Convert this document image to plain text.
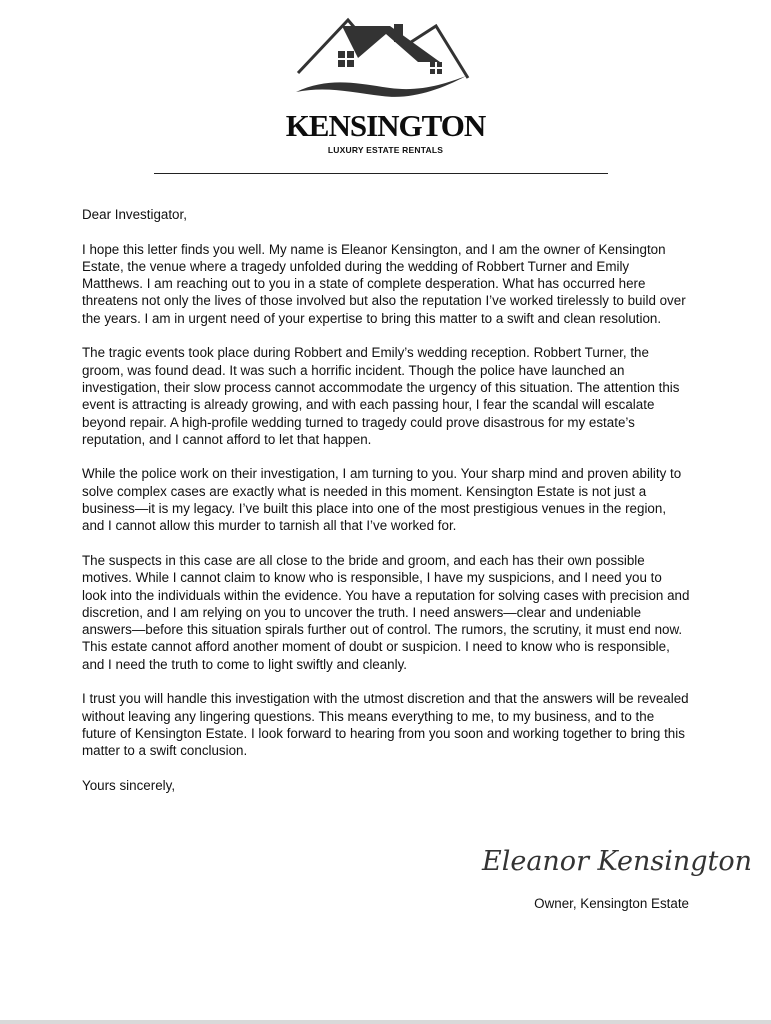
KENSINGTON
LUXURY ESTATE RENTALS

Dear Investigator,

I hope this letter finds you well. My name is Eleanor Kensington, and I am the owner of Kensington Estate, the venue where a tragedy unfolded during the wedding of Robbert Turner and Emily Matthews. I am reaching out to you in a state of complete desperation. What has occurred here threatens not only the lives of those involved but also the reputation I’ve worked tirelessly to build over the years. I am in urgent need of your expertise to bring this matter to a swift and clean resolution.

The tragic events took place during Robbert and Emily’s wedding reception. Robbert Turner, the groom, was found dead. It was such a horrific incident. Though the police have launched an investigation, their slow process cannot accommodate the urgency of this situation. The attention this event is attracting is already growing, and with each passing hour, I fear the scandal will escalate beyond repair. A high-profile wedding turned to tragedy could prove disastrous for my estate’s reputation, and I cannot afford to let that happen.

While the police work on their investigation, I am turning to you. Your sharp mind and proven ability to solve complex cases are exactly what is needed in this moment. Kensington Estate is not just a business—it is my legacy. I’ve built this place into one of the most prestigious venues in the region, and I cannot allow this murder to tarnish all that I’ve worked for.

The suspects in this case are all close to the bride and groom, and each has their own possible motives. While I cannot claim to know who is responsible, I have my suspicions, and I need you to look into the individuals within the evidence. You have a reputation for solving cases with precision and discretion, and I am relying on you to uncover the truth. I need answers—clear and undeniable answers—before this situation spirals further out of control. The rumors, the scrutiny, it must end now. This estate cannot afford another moment of doubt or suspicion. I need to know who is responsible, and I need the truth to come to light swiftly and cleanly.

I trust you will handle this investigation with the utmost discretion and that the answers will be revealed without leaving any lingering questions. This means everything to me, to my business, and to the future of Kensington Estate. I look forward to hearing from you soon and working together to bring this matter to a swift conclusion.

Yours sincerely,

Eleanor Kensington
Owner, Kensington Estate
